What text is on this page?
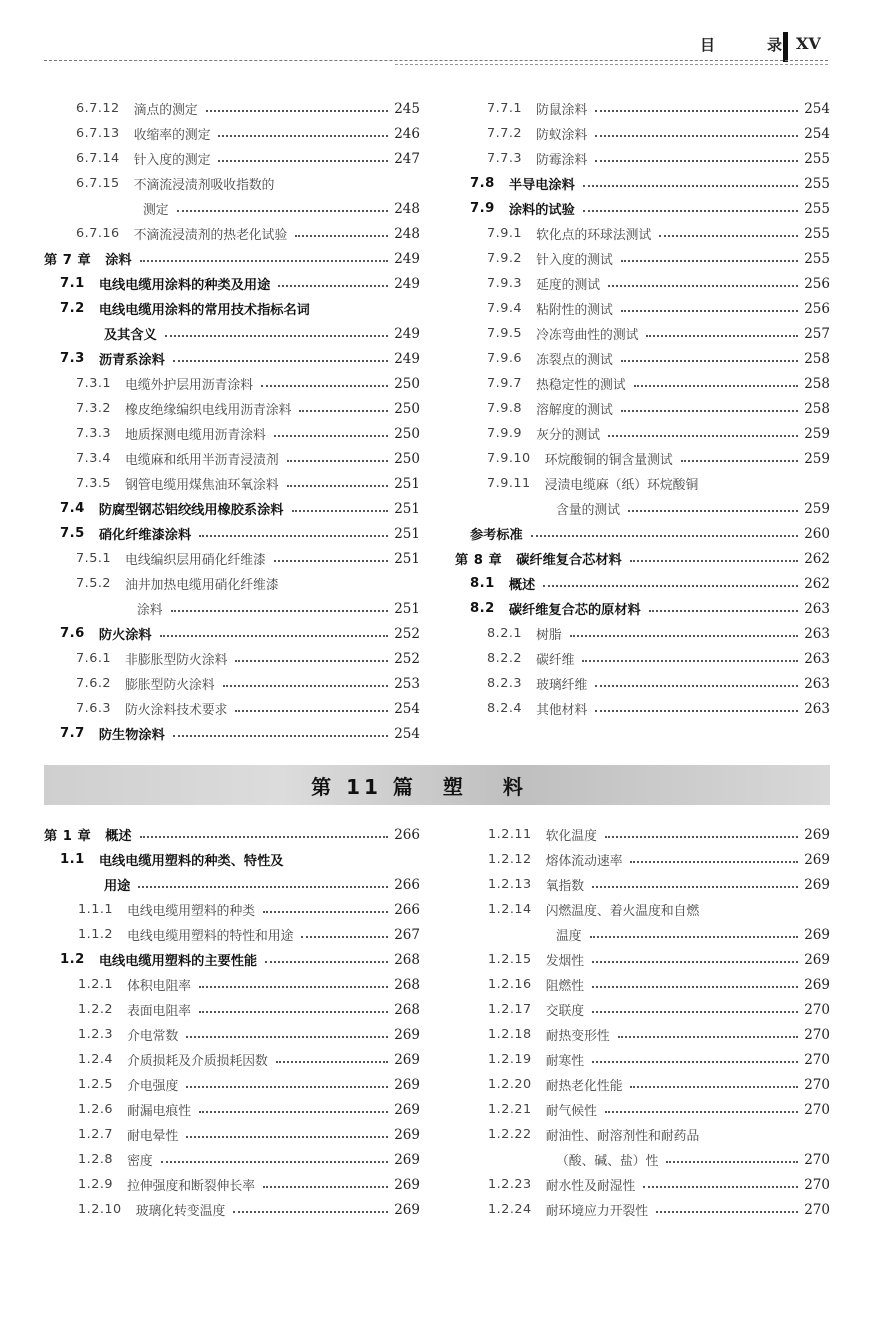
目	录 XV
6.7.12 滴点的测定	245
6.7.13 收缩率的测定	246
6.7.14 针入度的测定	247
6.7.15 不滴流浸渍剂吸收指数的
测定	248
6.7.16 不滴流浸渍剂的热老化试验	248
第 7 章 涂料	249
7.1 电线电缆用涂料的种类及用途	249
7.2 电线电缆用涂料的常用技术指标名词
及其含义	249
7.3 沥青系涂料	249
7.3.1 电缆外护层用沥青涂料	250
7.3.2 橡皮绝缘编织电线用沥青涂料	250
7.3.3 地质探测电缆用沥青涂料	250
7.3.4 电缆麻和纸用半沥青浸渍剂	250
7.3.5 钢管电缆用煤焦油环氧涂料	251
7.4 防腐型钢芯铝绞线用橡胶系涂料	251
7.5 硝化纤维漆涂料	251
7.5.1 电线编织层用硝化纤维漆	251
7.5.2 油井加热电缆用硝化纤维漆
涂料	251
7.6 防火涂料	252
7.6.1 非膨胀型防火涂料	252
7.6.2 膨胀型防火涂料	253
7.6.3 防火涂料技术要求	254
7.7 防生物涂料	254
7.7.1 防鼠涂料	254
7.7.2 防蚁涂料	254
7.7.3 防霉涂料	255
7.8 半导电涂料	255
7.9 涂料的试验	255
7.9.1 软化点的环球法测试	255
7.9.2 针入度的测试	255
7.9.3 延度的测试	256
7.9.4 粘附性的测试	256
7.9.5 冷冻弯曲性的测试	257
7.9.6 冻裂点的测试	258
7.9.7 热稳定性的测试	258
7.9.8 溶解度的测试	258
7.9.9 灰分的测试	259
7.9.10 环烷酸铜的铜含量测试	259
7.9.11 浸渍电缆麻（纸）环烷酸铜
含量的测试	259
参考标准	260
第 8 章 碳纤维复合芯材料	262
8.1 概述	262
8.2 碳纤维复合芯的原材料	263
8.2.1 树脂	263
8.2.2 碳纤维	263
8.2.3 玻璃纤维	263
8.2.4 其他材料	263
第 11 篇 塑料
第 1 章 概述	266
1.1 电线电缆用塑料的种类、特性及
用途	266
1.1.1 电线电缆用塑料的种类	266
1.1.2 电线电缆用塑料的特性和用途	267
1.2 电线电缆用塑料的主要性能	268
1.2.1 体积电阻率	268
1.2.2 表面电阻率	268
1.2.3 介电常数	269
1.2.4 介质损耗及介质损耗因数	269
1.2.5 介电强度	269
1.2.6 耐漏电痕性	269
1.2.7 耐电晕性	269
1.2.8 密度	269
1.2.9 拉伸强度和断裂伸长率	269
1.2.10 玻璃化转变温度	269
1.2.11 软化温度	269
1.2.12 熔体流动速率	269
1.2.13 氧指数	269
1.2.14 闪燃温度、着火温度和自燃
温度	269
1.2.15 发烟性	269
1.2.16 阻燃性	269
1.2.17 交联度	270
1.2.18 耐热变形性	270
1.2.19 耐寒性	270
1.2.20 耐热老化性能	270
1.2.21 耐气候性	270
1.2.22 耐油性、耐溶剂性和耐药品
（酸、碱、盐）性	270
1.2.23 耐水性及耐湿性	270
1.2.24 耐环境应力开裂性	270
